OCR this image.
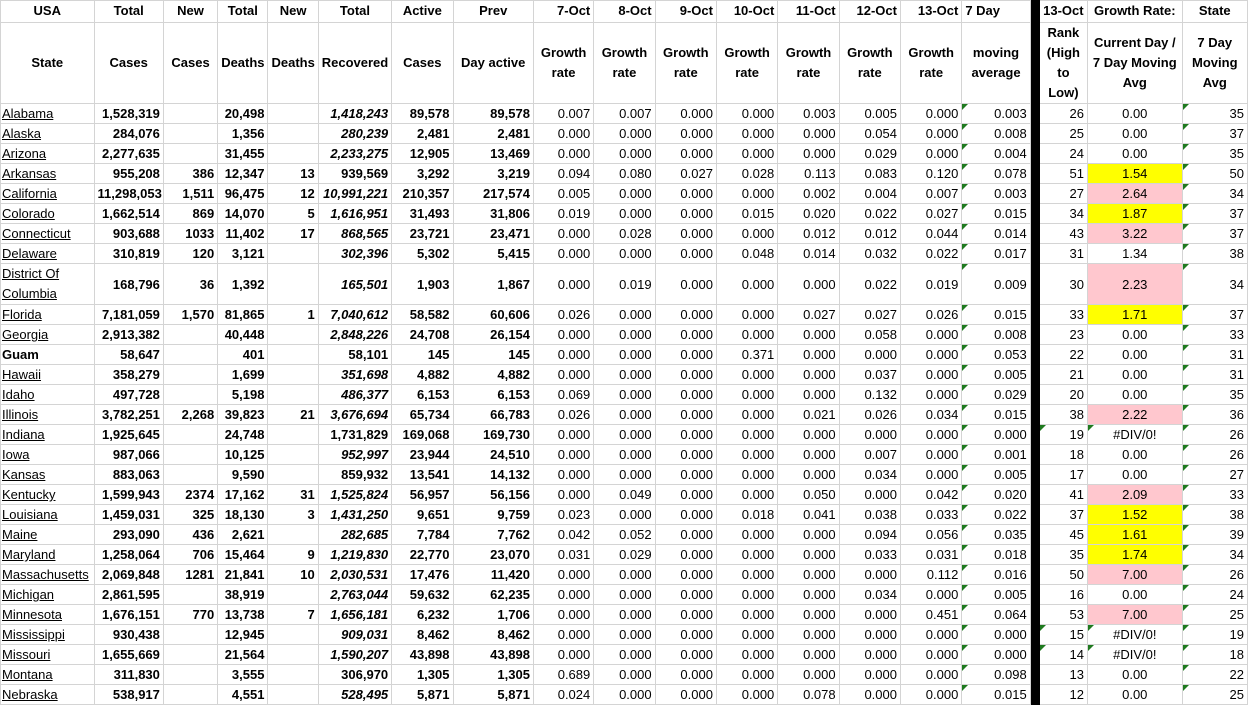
USA	Total	New	Total	New	Total	Active	Prev	7-Oct	8-Oct	9-Oct	10-Oct	11-Oct	12-Oct	13-Oct	7 Day		13-Oct	Growth Rate:	State
State	Cases	Cases	Deaths	Deaths	Recovered	Cases	Day active	Growth rate	Growth rate	Growth rate	Growth rate	Growth rate	Growth rate	Growth rate	moving average		Rank (High to Low)	Current Day / 7 Day Moving Avg	7 Day Moving Avg
Alabama	1,528,319		20,498		1,418,243	89,578	89,578	0.007	0.007	0.000	0.000	0.003	0.005	0.000	0.003		26	0.00	35
Alaska	284,076		1,356		280,239	2,481	2,481	0.000	0.000	0.000	0.000	0.000	0.054	0.000	0.008		25	0.00	37
Arizona	2,277,635		31,455		2,233,275	12,905	13,469	0.000	0.000	0.000	0.000	0.000	0.029	0.000	0.004		24	0.00	35
Arkansas	955,208	386	12,347	13	939,569	3,292	3,219	0.094	0.080	0.027	0.028	0.113	0.083	0.120	0.078		51	1.54	50
California	11,298,053	1,511	96,475	12	10,991,221	210,357	217,574	0.005	0.000	0.000	0.000	0.002	0.004	0.007	0.003		27	2.64	34
Colorado	1,662,514	869	14,070	5	1,616,951	31,493	31,806	0.019	0.000	0.000	0.015	0.020	0.022	0.027	0.015		34	1.87	37
Connecticut	903,688	1033	11,402	17	868,565	23,721	23,471	0.000	0.028	0.000	0.000	0.012	0.012	0.044	0.014		43	3.22	37
Delaware	310,819	120	3,121		302,396	5,302	5,415	0.000	0.000	0.000	0.048	0.014	0.032	0.022	0.017		31	1.34	38
District Of Columbia	168,796	36	1,392		165,501	1,903	1,867	0.000	0.019	0.000	0.000	0.000	0.022	0.019	0.009		30	2.23	34
Florida	7,181,059	1,570	81,865	1	7,040,612	58,582	60,606	0.026	0.000	0.000	0.000	0.027	0.027	0.026	0.015		33	1.71	37
Georgia	2,913,382		40,448		2,848,226	24,708	26,154	0.000	0.000	0.000	0.000	0.000	0.058	0.000	0.008		23	0.00	33
Guam	58,647		401		58,101	145	145	0.000	0.000	0.000	0.371	0.000	0.000	0.000	0.053		22	0.00	31
Hawaii	358,279		1,699		351,698	4,882	4,882	0.000	0.000	0.000	0.000	0.000	0.037	0.000	0.005		21	0.00	31
Idaho	497,728		5,198		486,377	6,153	6,153	0.069	0.000	0.000	0.000	0.000	0.132	0.000	0.029		20	0.00	35
Illinois	3,782,251	2,268	39,823	21	3,676,694	65,734	66,783	0.026	0.000	0.000	0.000	0.021	0.026	0.034	0.015		38	2.22	36
Indiana	1,925,645		24,748		1,731,829	169,068	169,730	0.000	0.000	0.000	0.000	0.000	0.000	0.000	0.000		19	#DIV/0!	26
Iowa	987,066		10,125		952,997	23,944	24,510	0.000	0.000	0.000	0.000	0.000	0.007	0.000	0.001		18	0.00	26
Kansas	883,063		9,590		859,932	13,541	14,132	0.000	0.000	0.000	0.000	0.000	0.034	0.000	0.005		17	0.00	27
Kentucky	1,599,943	2374	17,162	31	1,525,824	56,957	56,156	0.000	0.049	0.000	0.000	0.050	0.000	0.042	0.020		41	2.09	33
Louisiana	1,459,031	325	18,130	3	1,431,250	9,651	9,759	0.023	0.000	0.000	0.018	0.041	0.038	0.033	0.022		37	1.52	38
Maine	293,090	436	2,621		282,685	7,784	7,762	0.042	0.052	0.000	0.000	0.000	0.094	0.056	0.035		45	1.61	39
Maryland	1,258,064	706	15,464	9	1,219,830	22,770	23,070	0.031	0.029	0.000	0.000	0.000	0.033	0.031	0.018		35	1.74	34
Massachusetts	2,069,848	1281	21,841	10	2,030,531	17,476	11,420	0.000	0.000	0.000	0.000	0.000	0.000	0.112	0.016		50	7.00	26
Michigan	2,861,595		38,919		2,763,044	59,632	62,235	0.000	0.000	0.000	0.000	0.000	0.034	0.000	0.005		16	0.00	24
Minnesota	1,676,151	770	13,738	7	1,656,181	6,232	1,706	0.000	0.000	0.000	0.000	0.000	0.000	0.451	0.064		53	7.00	25
Mississippi	930,438		12,945		909,031	8,462	8,462	0.000	0.000	0.000	0.000	0.000	0.000	0.000	0.000		15	#DIV/0!	19
Missouri	1,655,669		21,564		1,590,207	43,898	43,898	0.000	0.000	0.000	0.000	0.000	0.000	0.000	0.000		14	#DIV/0!	18
Montana	311,830		3,555		306,970	1,305	1,305	0.689	0.000	0.000	0.000	0.000	0.000	0.000	0.098		13	0.00	22
Nebraska	538,917		4,551		528,495	5,871	5,871	0.024	0.000	0.000	0.000	0.078	0.000	0.000	0.015		12	0.00	25
